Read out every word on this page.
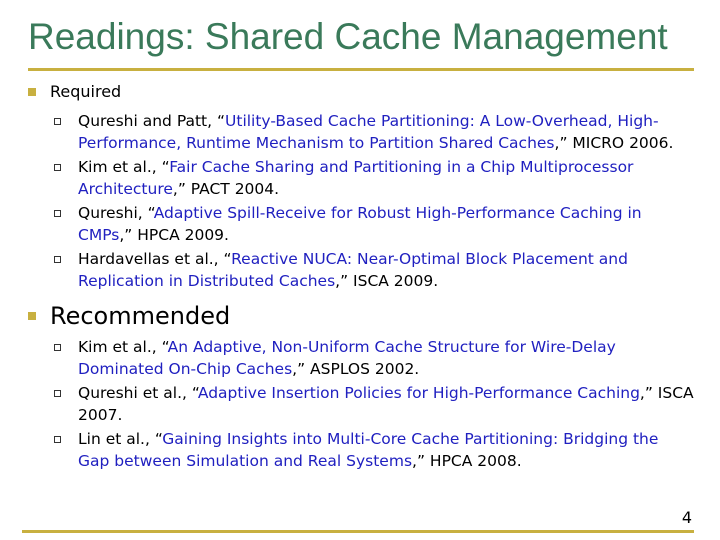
Readings: Shared Cache Management
Required
Qureshi and Patt, “Utility-Based Cache Partitioning: A Low-Overhead, High-Performance, Runtime Mechanism to Partition Shared Caches,” MICRO 2006.
Kim et al., “Fair Cache Sharing and Partitioning in a Chip Multiprocessor Architecture,” PACT 2004.
Qureshi, “Adaptive Spill-Receive for Robust High-Performance Caching in CMPs,” HPCA 2009.
Hardavellas et al., “Reactive NUCA: Near-Optimal Block Placement and Replication in Distributed Caches,” ISCA 2009.
Recommended
Kim et al., “An Adaptive, Non-Uniform Cache Structure for Wire-Delay Dominated On-Chip Caches,” ASPLOS 2002.
Qureshi et al., “Adaptive Insertion Policies for High-Performance Caching,” ISCA 2007.
Lin et al., “Gaining Insights into Multi-Core Cache Partitioning: Bridging the Gap between Simulation and Real Systems,” HPCA 2008.
4
